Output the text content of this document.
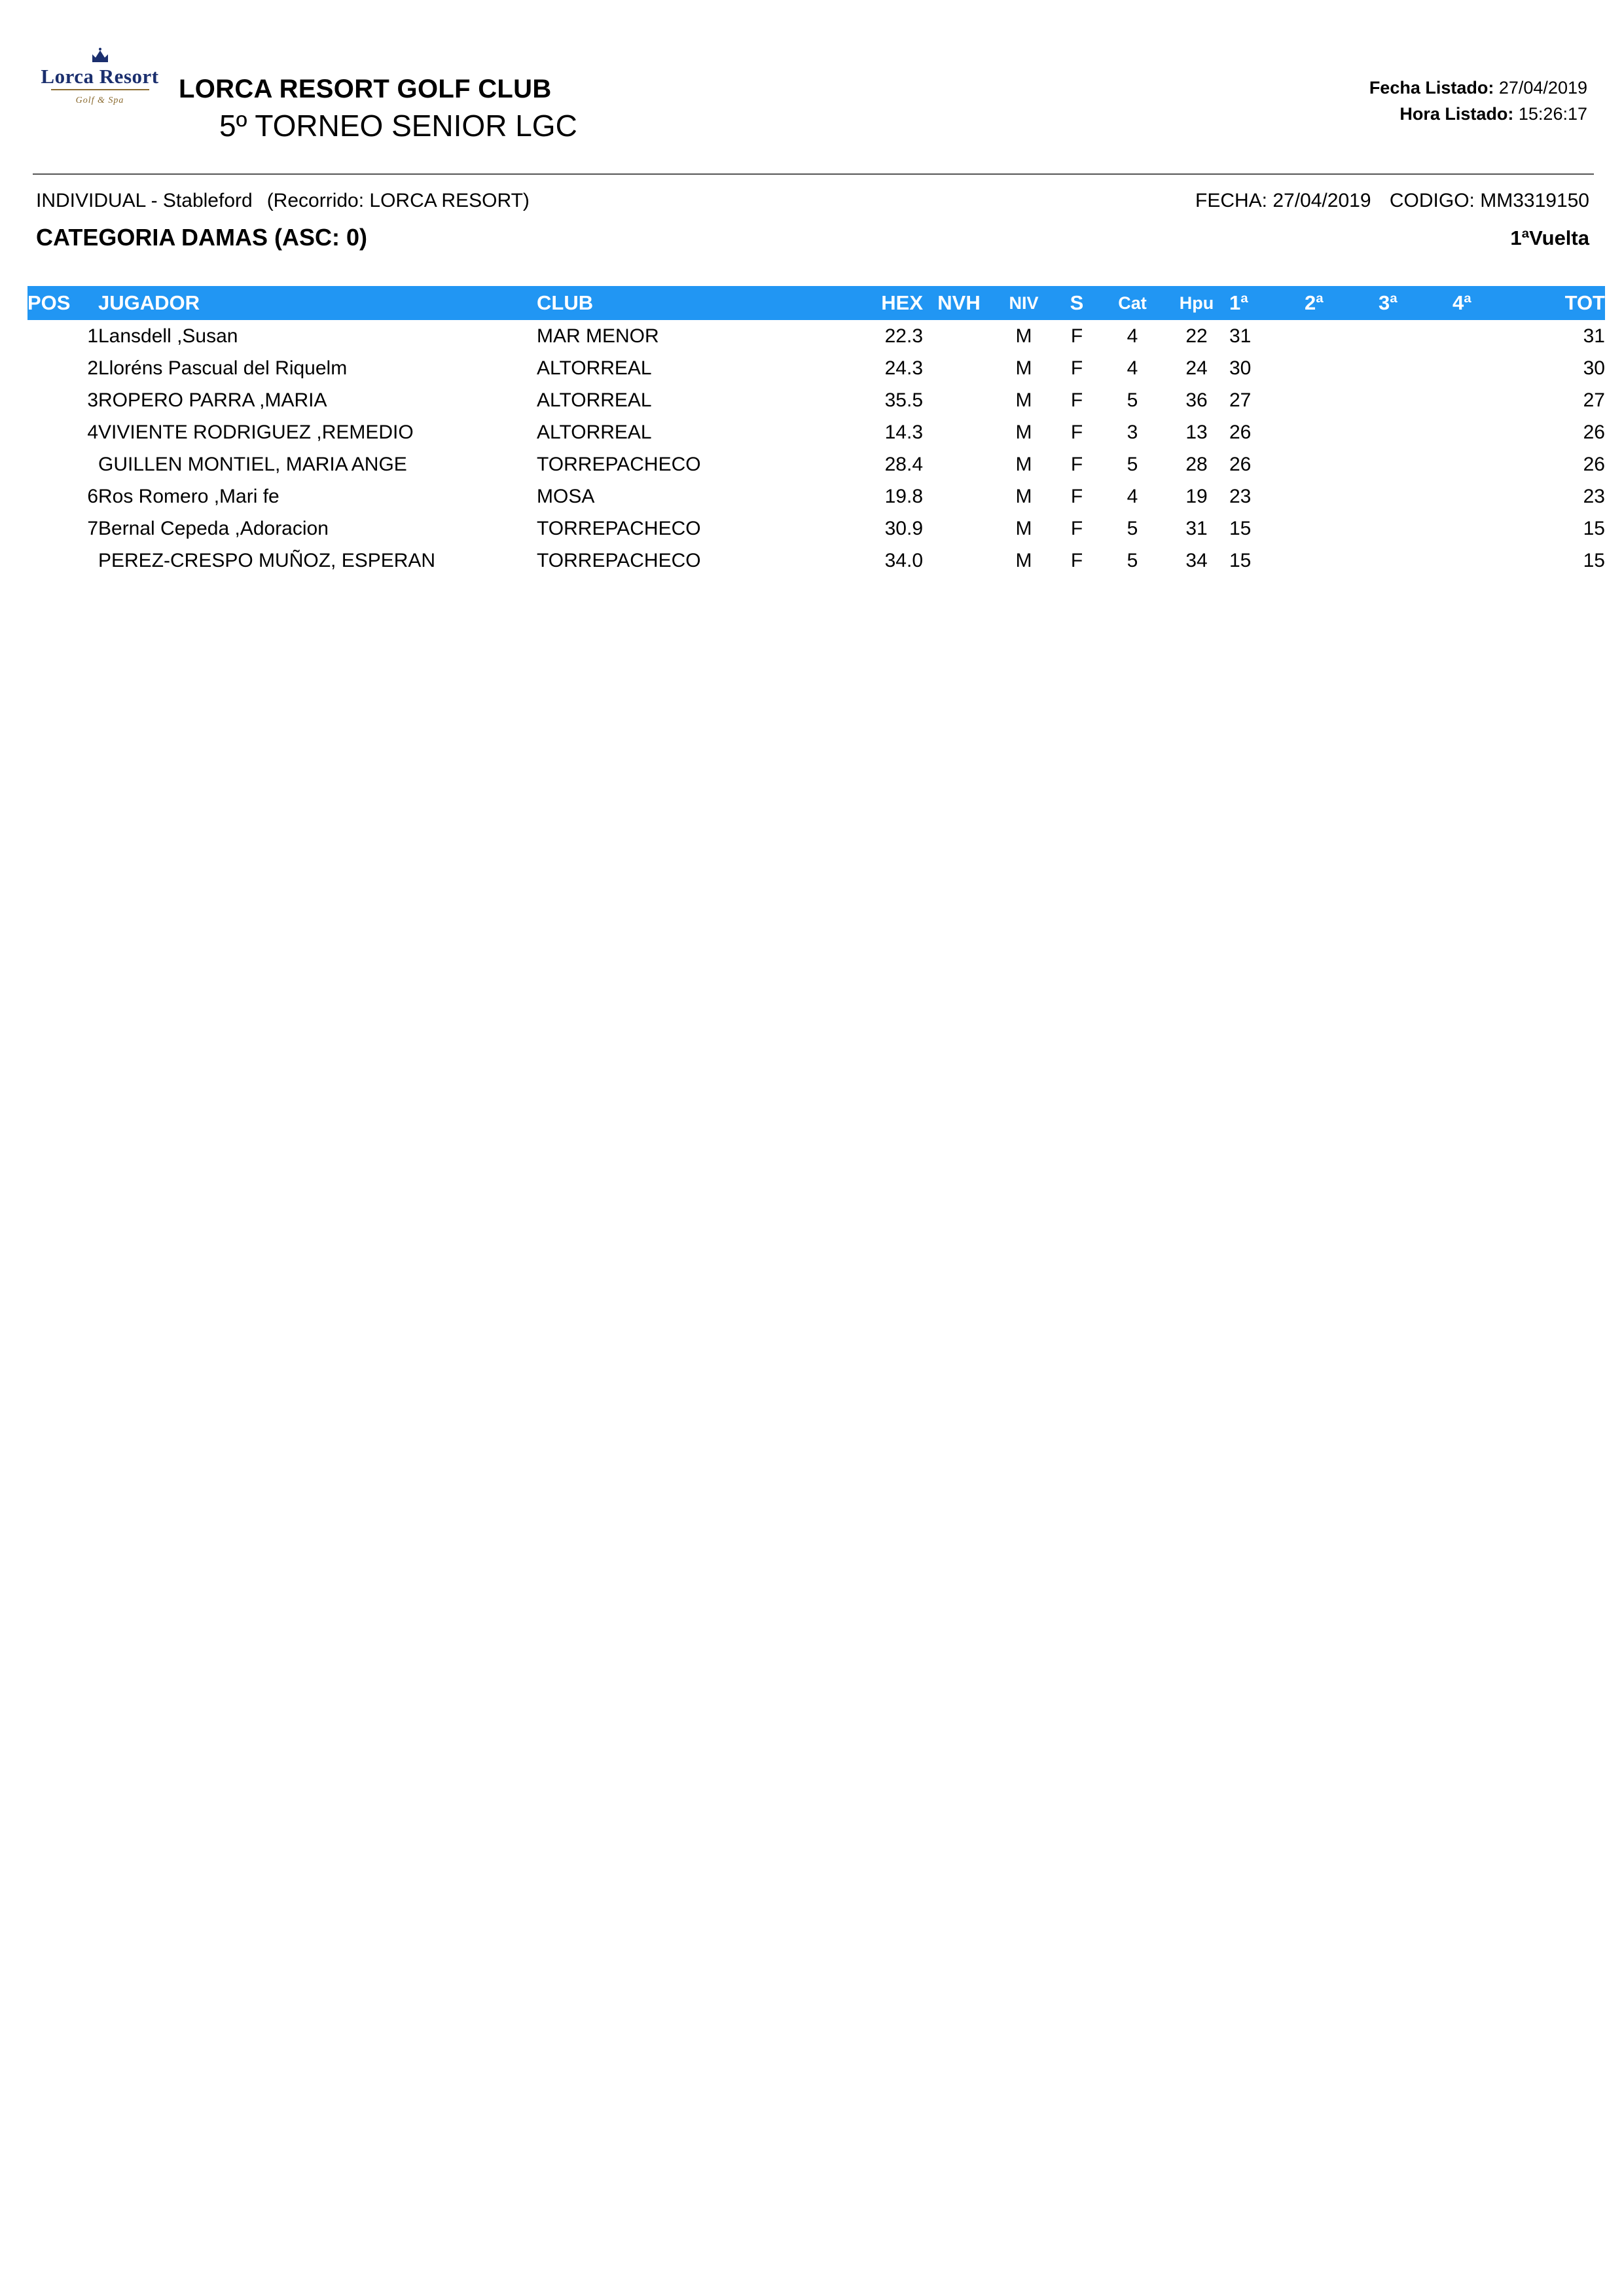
Lorca Resort
Golf & Spa LORCA RESORT GOLF CLUB
5º TORNEO SENIOR LGC
Fecha Listado: 27/04/2019
Hora Listado: 15:26:17
INDIVIDUAL - Stableford (Recorrido: LORCA RESORT)	FECHA: 27/04/2019 CODIGO: MM3319150
CATEGORIA DAMAS (ASC: 0)	1ªVuelta
POS	JUGADOR	CLUB	HEX	NVH	NIV	S	Cat	Hpu	1ª	2ª	3ª	4ª	TOT
1	Lansdell ,Susan	MAR MENOR	22.3		M	F	4	22	31				31
2	Lloréns Pascual del Riquelm	ALTORREAL	24.3		M	F	4	24	30				30
3	ROPERO PARRA ,MARIA	ALTORREAL	35.5		M	F	5	36	27				27
4	VIVIENTE RODRIGUEZ ,REMEDIO	ALTORREAL	14.3		M	F	3	13	26				26
	GUILLEN MONTIEL, MARIA ANGE	TORREPACHECO	28.4		M	F	5	28	26				26
6	Ros Romero ,Mari fe	MOSA	19.8		M	F	4	19	23				23
7	Bernal Cepeda ,Adoracion	TORREPACHECO	30.9		M	F	5	31	15				15
	PEREZ-CRESPO MUÑOZ, ESPERAN	TORREPACHECO	34.0		M	F	5	34	15				15
